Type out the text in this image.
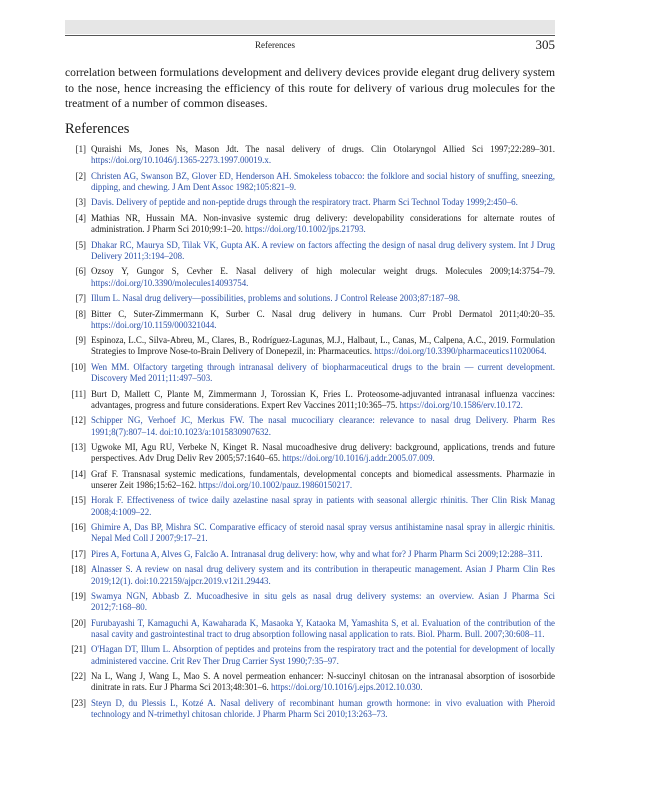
References	305

correlation between formulations development and delivery devices provide elegant drug delivery system to the nose, hence increasing the efficiency of this route for delivery of various drug molecules for the treatment of a number of common diseases.

References
[1] Quraishi Ms, Jones Ns, Mason Jdt. The nasal delivery of drugs. Clin Otolaryngol Allied Sci 1997;22:289–301. https://doi.org/10.1046/j.1365-2273.1997.00019.x.
[2] Christen AG, Swanson BZ, Glover ED, Henderson AH. Smokeless tobacco: the folklore and social history of snuffing, sneezing, dipping, and chewing. J Am Dent Assoc 1982;105:821–9.
[3] Davis. Delivery of peptide and non-peptide drugs through the respiratory tract. Pharm Sci Technol Today 1999;2:450–6.
[4] Mathias NR, Hussain MA. Non-invasive systemic drug delivery: developability considerations for alternate routes of administration. J Pharm Sci 2010;99:1–20. https://doi.org/10.1002/jps.21793.
[5] Dhakar RC, Maurya SD, Tilak VK, Gupta AK. A review on factors affecting the design of nasal drug delivery system. Int J Drug Delivery 2011;3:194–208.
[6] Ozsoy Y, Gungor S, Cevher E. Nasal delivery of high molecular weight drugs. Molecules 2009;14:3754–79. https://doi.org/10.3390/molecules14093754.
[7] Illum L. Nasal drug delivery—possibilities, problems and solutions. J Control Release 2003;87:187–98.
[8] Bitter C, Suter-Zimmermann K, Surber C. Nasal drug delivery in humans. Curr Probl Dermatol 2011;40:20–35. https://doi.org/10.1159/000321044.
[9] Espinoza, L.C., Silva-Abreu, M., Clares, B., Rodríguez-Lagunas, M.J., Halbaut, L., Canas, M., Calpena, A.C., 2019. Formulation Strategies to Improve Nose-to-Brain Delivery of Donepezil, in: Pharmaceutics. https://doi.org/10.3390/pharmaceutics11020064.
[10] Wen MM. Olfactory targeting through intranasal delivery of biopharmaceutical drugs to the brain — current development. Discovery Med 2011;11:497–503.
[11] Burt D, Mallett C, Plante M, Zimmermann J, Torossian K, Fries L. Proteosome-adjuvanted intranasal influenza vaccines: advantages, progress and future considerations. Expert Rev Vaccines 2011;10:365–75. https://doi.org/10.1586/erv.10.172.
[12] Schipper NG, Verhoef JC, Merkus FW. The nasal mucociliary clearance: relevance to nasal drug Delivery. Pharm Res 1991;8(7):807–14. doi:10.1023/a:1015830907632.
[13] Ugwoke MI, Agu RU, Verbeke N, Kinget R. Nasal mucoadhesive drug delivery: background, applications, trends and future perspectives. Adv Drug Deliv Rev 2005;57:1640–65. https://doi.org/10.1016/j.addr.2005.07.009.
[14] Graf F. Transnasal systemic medications, fundamentals, developmental concepts and biomedical assessments. Pharmazie in unserer Zeit 1986;15:62–162. https://doi.org/10.1002/pauz.19860150217.
[15] Horak F. Effectiveness of twice daily azelastine nasal spray in patients with seasonal allergic rhinitis. Ther Clin Risk Manag 2008;4:1009–22.
[16] Ghimire A, Das BP, Mishra SC. Comparative efficacy of steroid nasal spray versus antihistamine nasal spray in allergic rhinitis. Nepal Med Coll J 2007;9:17–21.
[17] Pires A, Fortuna A, Alves G, Falcão A. Intranasal drug delivery: how, why and what for? J Pharm Pharm Sci 2009;12:288–311.
[18] Alnasser S. A review on nasal drug delivery system and its contribution in therapeutic management. Asian J Pharm Clin Res 2019;12(1). doi:10.22159/ajpcr.2019.v12i1.29443.
[19] Swamya NGN, Abbasb Z. Mucoadhesive in situ gels as nasal drug delivery systems: an overview. Asian J Pharma Sci 2012;7:168–80.
[20] Furubayashi T, Kamaguchi A, Kawaharada K, Masaoka Y, Kataoka M, Yamashita S, et al. Evaluation of the contribution of the nasal cavity and gastrointestinal tract to drug absorption following nasal application to rats. Biol. Pharm. Bull. 2007;30:608–11.
[21] O'Hagan DT, Illum L. Absorption of peptides and proteins from the respiratory tract and the potential for development of locally administered vaccine. Crit Rev Ther Drug Carrier Syst 1990;7:35–97.
[22] Na L, Wang J, Wang L, Mao S. A novel permeation enhancer: N-succinyl chitosan on the intranasal absorption of isosorbide dinitrate in rats. Eur J Pharma Sci 2013;48:301–6. https://doi.org/10.1016/j.ejps.2012.10.030.
[23] Steyn D, du Plessis L, Kotzé A. Nasal delivery of recombinant human growth hormone: in vivo evaluation with Pheroid technology and N-trimethyl chitosan chloride. J Pharm Pharm Sci 2010;13:263–73.
